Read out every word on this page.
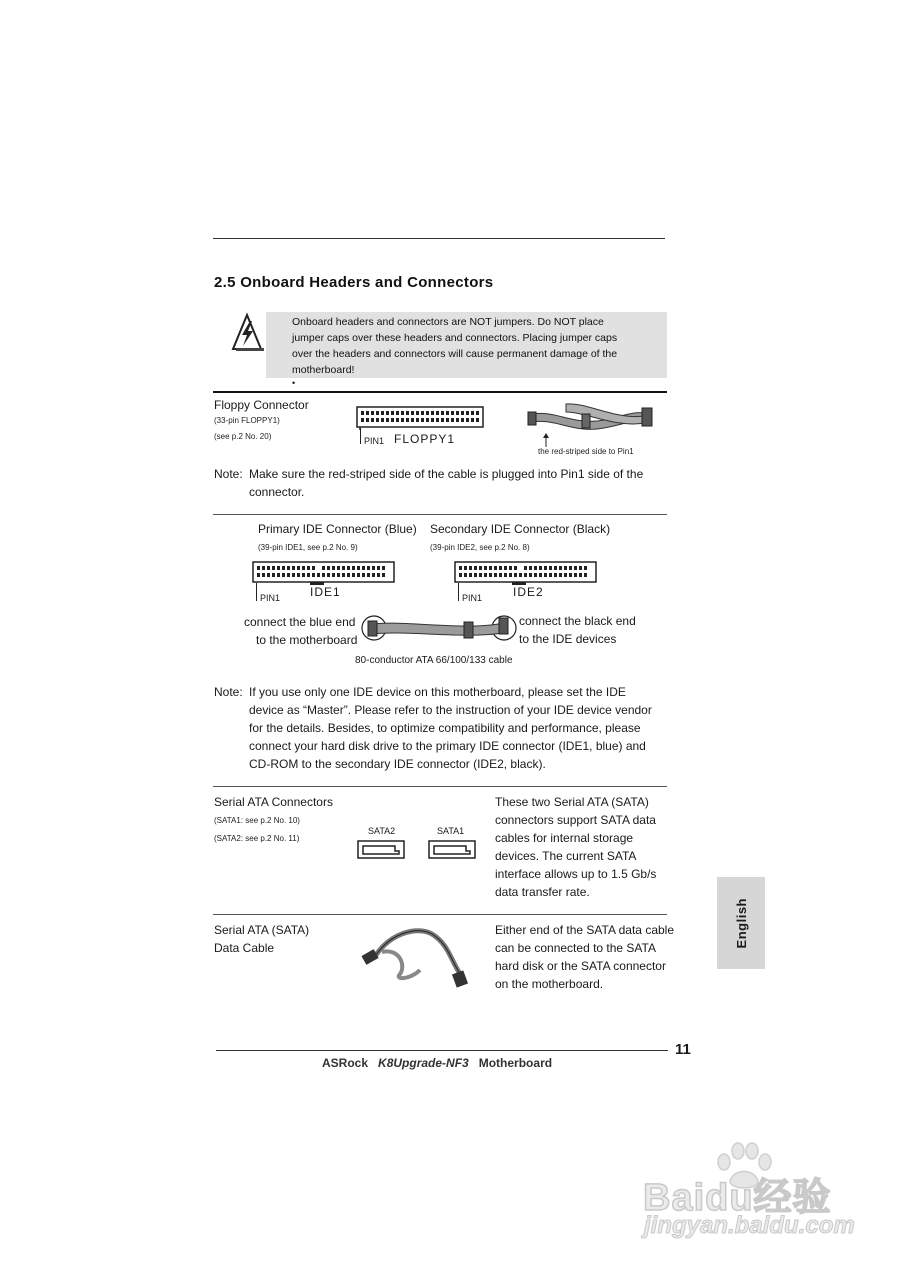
2.5 Onboard Headers and Connectors
Onboard headers and connectors are NOT jumpers. Do NOT place
jumper caps over these headers and connectors. Placing jumper caps
over the headers and connectors will cause permanent damage of the
motherboard!
•
Floppy Connector
(33-pin FLOPPY1)
(see p.2 No. 20)	PIN1 FLOPPY1
the red-striped side to Pin1
Note: Make sure the red-striped side of the cable is plugged into Pin1 side of the
connector.
Primary IDE Connector (Blue)
(39-pin IDE1, see p.2 No. 9)
Secondary IDE Connector (Black)
(39-pin IDE2, see p.2 No. 8)
PIN1 IDE1	PIN1	IDE2
connect the blue end
to the motherboard
connect the black end
to the IDE devices
80-conductor ATA 66/100/133 cable
Note: If you use only one IDE device on this motherboard, please set the IDE
device as “Master”. Please refer to the instruction of your IDE device vendor
for the details. Besides, to optimize compatibility and performance, please
connect your hard disk drive to the primary IDE connector (IDE1, blue) and
CD-ROM to the secondary IDE connector (IDE2, black).
Serial ATA Connectors
(SATA1: see p.2 No. 10)
(SATA2: see p.2 No. 11)
SATA2	SATA1
These two Serial ATA (SATA)
connectors support SATA data
cables for internal storage
devices. The current SATA
interface allows up to 1.5 Gb/s
data transfer rate.
Serial ATA (SATA)
Data Cable
Either end of the SATA data cable
can be connected to the SATA
hard disk or the SATA connector
on the motherboard.
English
11
ASRock K8Upgrade-NF3 Motherboard
Baidu经验
jingyan.baidu.com
